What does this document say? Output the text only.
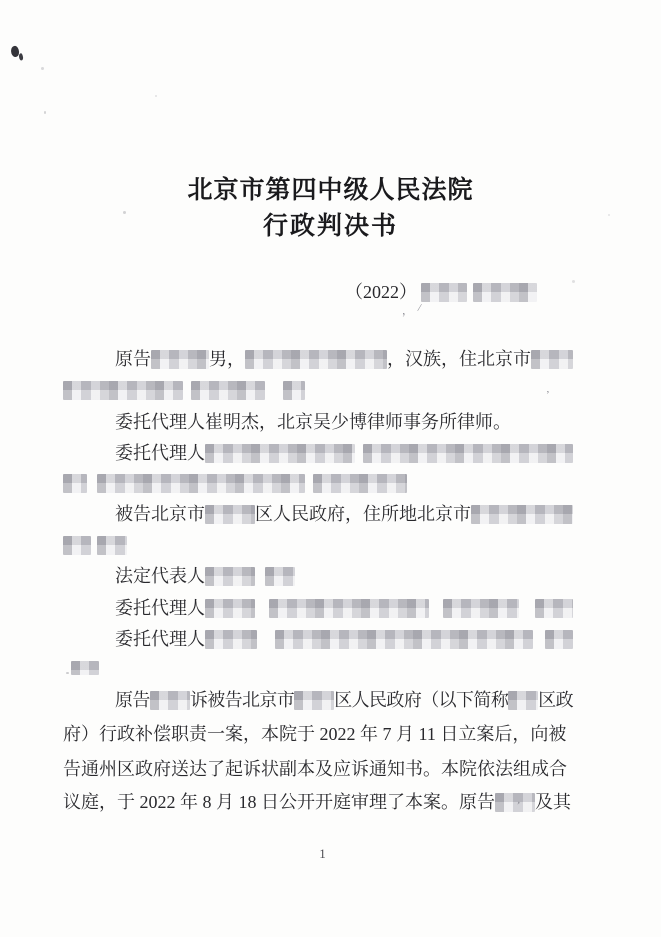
北京市第四中级人民法院
行政判决书
（2022）
原告	男，	，汉族，住北京市
委托代理人崔明杰，北京吴少博律师事务所律师。
委托代理人
被告北京市	区人民政府，住所地北京市
法定代表人
委托代理人
委托代理人
原告 诉被告北京市 区人民政府（以下简称 区政
府）行政补偿职责一案，本院于 2022 年 7 月 11 日立案后，向被
告通州区政府送达了起诉状副本及应诉通知书。本院依法组成合
议庭，于 2022 年 8 月 18 日公开开庭审理了本案。原告 及其
1
， /
’
’
